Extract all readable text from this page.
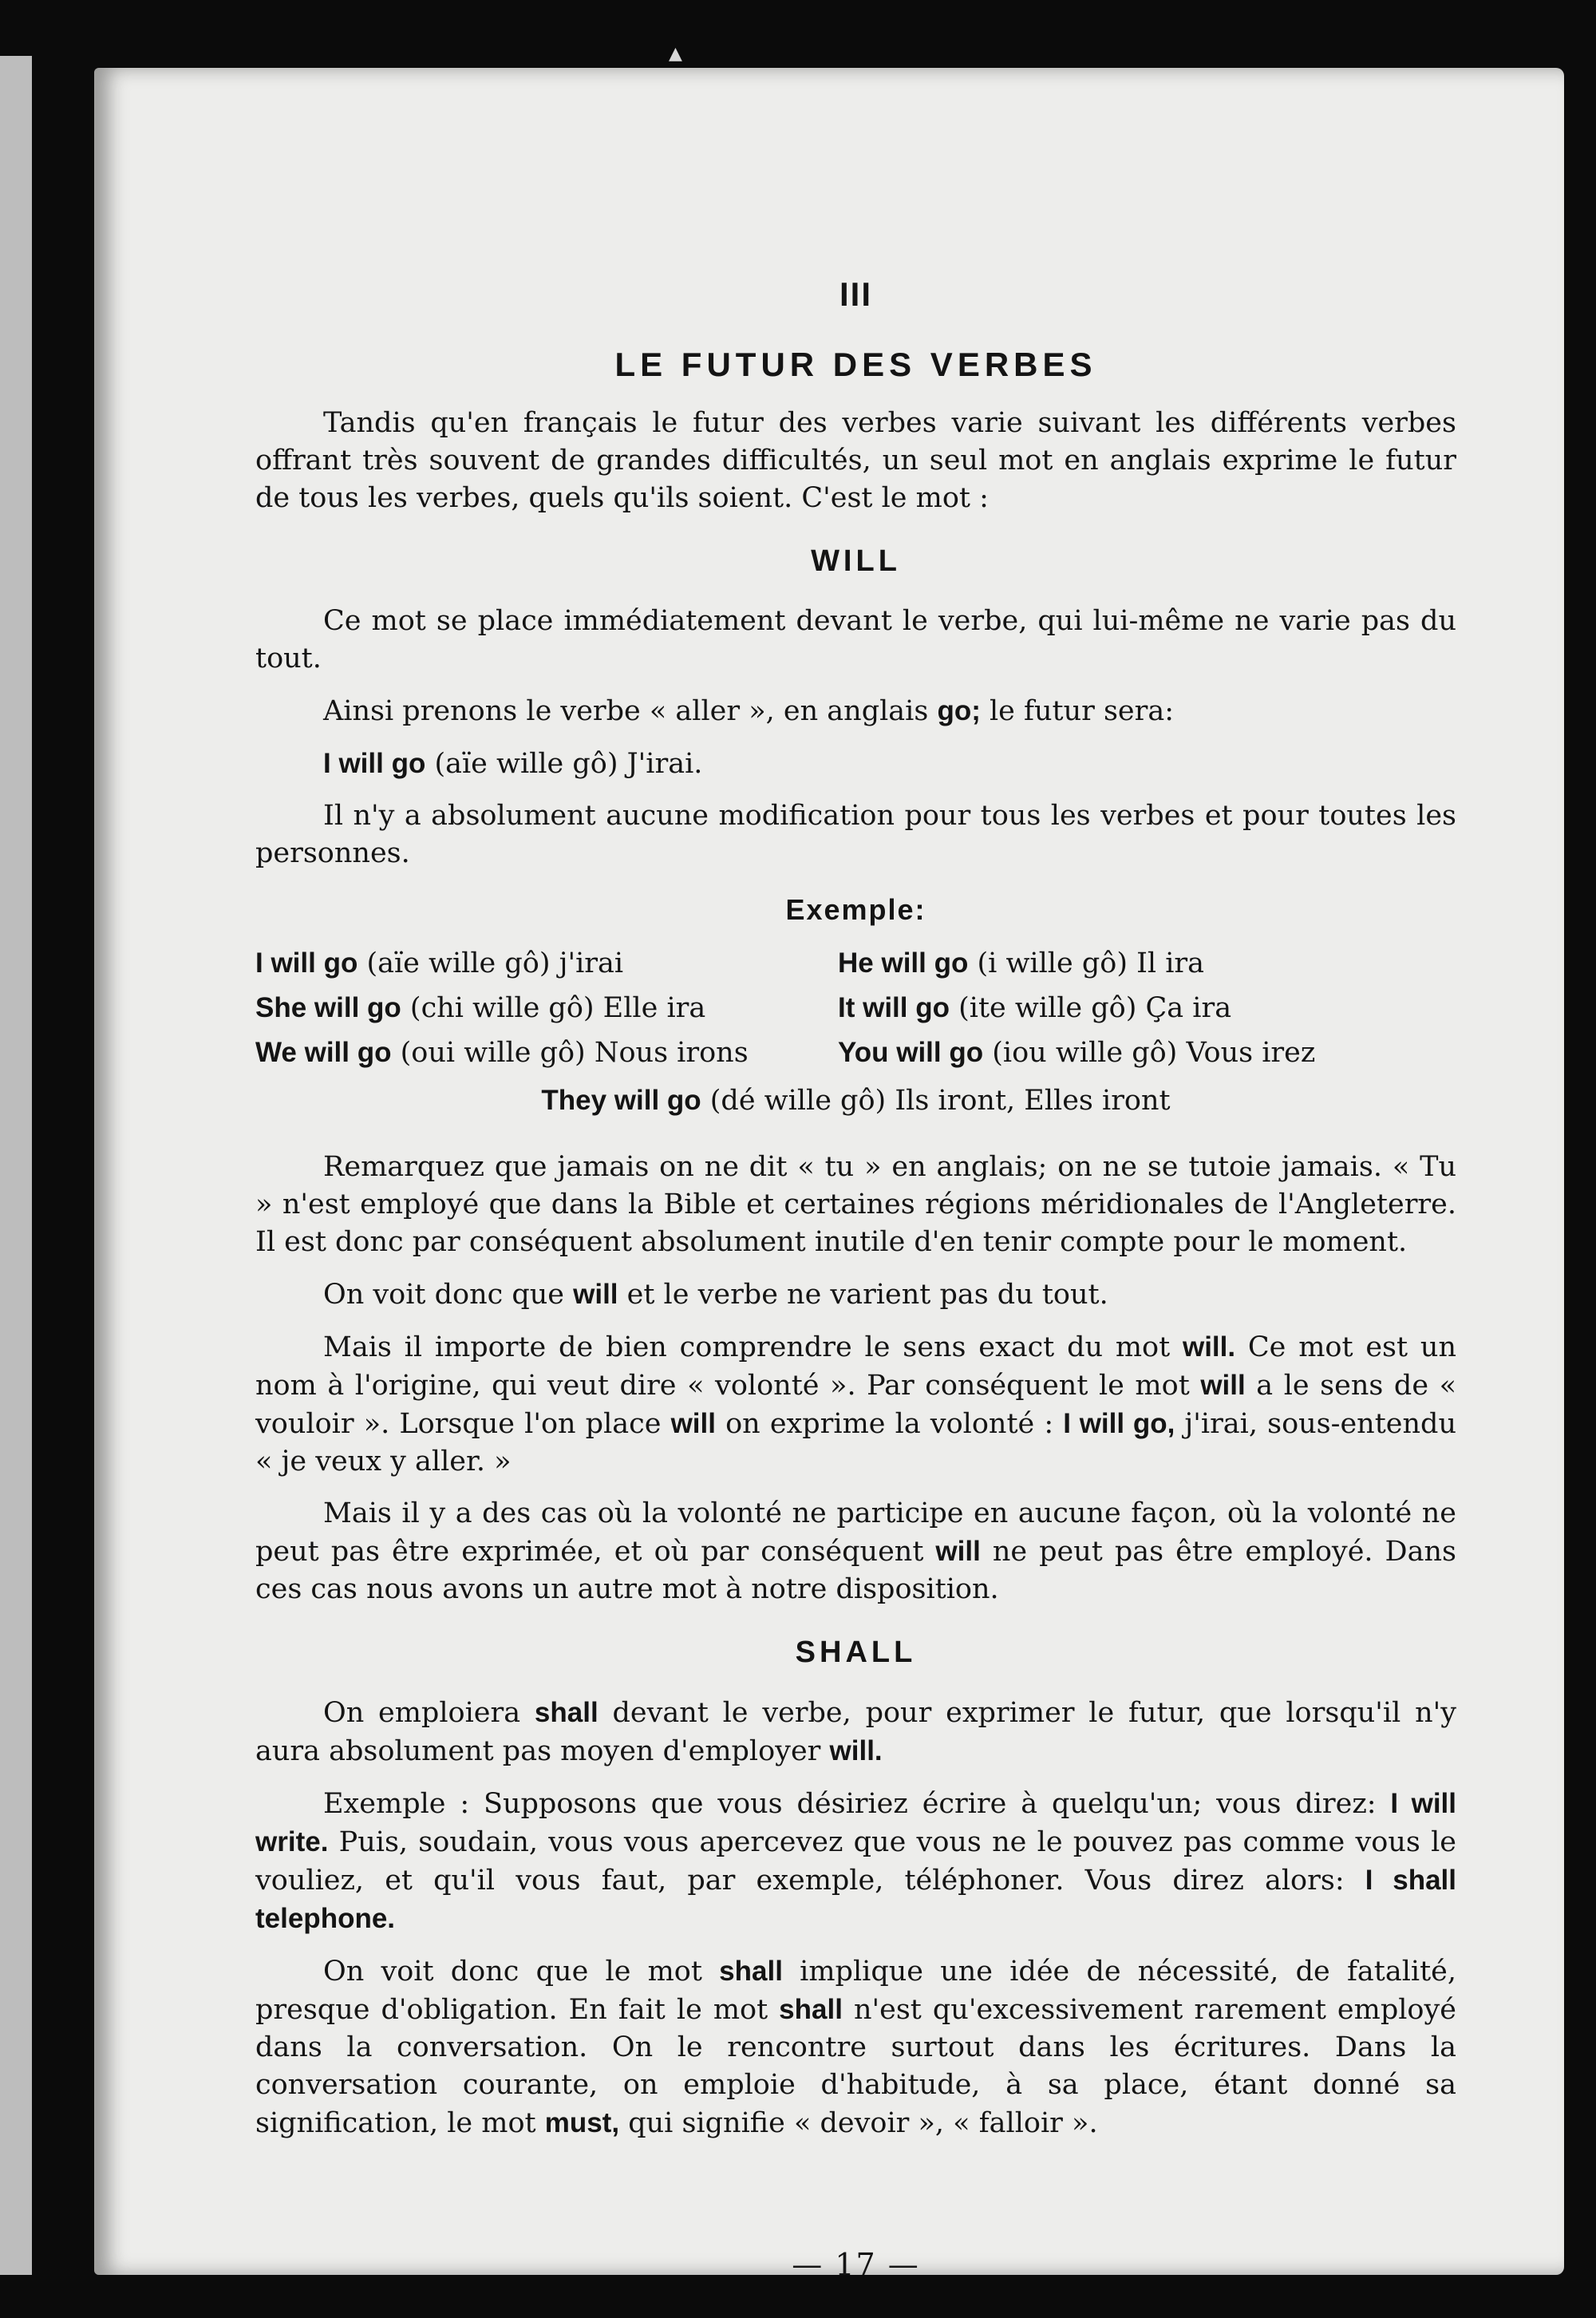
▲
III
LE FUTUR DES VERBES

Tandis qu'en français le futur des verbes varie suivant les différents verbes offrant très souvent de grandes difficultés, un seul mot en anglais exprime le futur de tous les verbes, quels qu'ils soient. C'est le mot :

WILL

Ce mot se place immédiatement devant le verbe, qui lui-même ne varie pas du tout.

Ainsi prenons le verbe « aller », en anglais go; le futur sera:

I will go (aïe wille gô) J'irai.

Il n'y a absolument aucune modification pour tous les verbes et pour toutes les personnes.

Exemple:
I will go (aïe wille gô) j'irai	He will go (i wille gô) Il ira
She will go (chi wille gô) Elle ira	It will go (ite wille gô) Ça ira
We will go (oui wille gô) Nous irons	You will go (iou wille gô) Vous irez
They will go (dé wille gô) Ils iront, Elles iront

Remarquez que jamais on ne dit « tu » en anglais; on ne se tutoie jamais. « Tu » n'est employé que dans la Bible et certaines régions méridionales de l'Angleterre. Il est donc par conséquent absolument inutile d'en tenir compte pour le moment.

On voit donc que will et le verbe ne varient pas du tout.

Mais il importe de bien comprendre le sens exact du mot will. Ce mot est un nom à l'origine, qui veut dire « volonté ». Par conséquent le mot will a le sens de « vouloir ». Lorsque l'on place will on exprime la volonté : I will go, j'irai, sous-entendu « je veux y aller. »

Mais il y a des cas où la volonté ne participe en aucune façon, où la volonté ne peut pas être exprimée, et où par conséquent will ne peut pas être employé. Dans ces cas nous avons un autre mot à notre disposition.

SHALL

On emploiera shall devant le verbe, pour exprimer le futur, que lorsqu'il n'y aura absolument pas moyen d'employer will.

Exemple : Supposons que vous désiriez écrire à quelqu'un; vous direz: I will write. Puis, soudain, vous vous apercevez que vous ne le pouvez pas comme vous le vouliez, et qu'il vous faut, par exemple, téléphoner. Vous direz alors: I shall telephone.

On voit donc que le mot shall implique une idée de nécessité, de fatalité, presque d'obligation. En fait le mot shall n'est qu'excessivement rarement employé dans la conversation. On le rencontre surtout dans les écritures. Dans la conversation courante, on emploie d'habitude, à sa place, étant donné sa signification, le mot must, qui signifie « devoir », « falloir ».

— 17 —
